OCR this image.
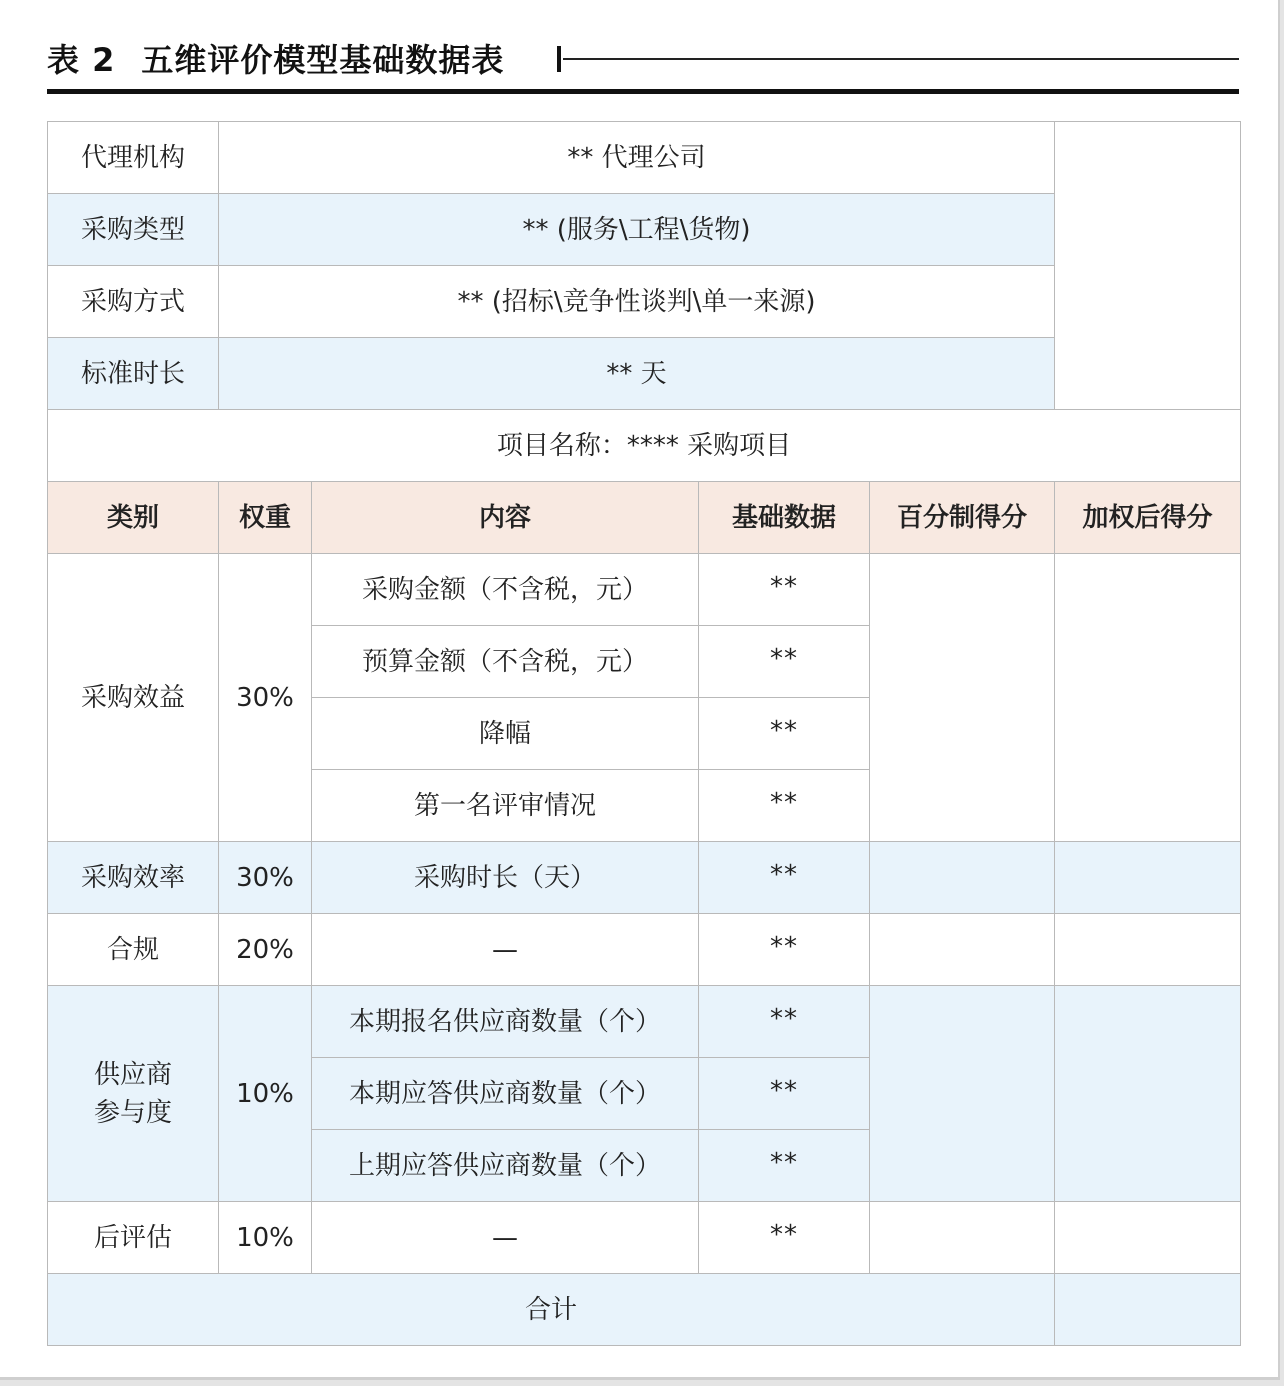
表 2 五维评价模型基础数据表
代理机构	** 代理公司				
采购类型	** (服务\工程\货物)				
采购方式	** (招标\竞争性谈判\单一来源)				
标准时长	** 天				
项目名称：**** 采购项目					
类别	权重	内容	基础数据	百分制得分	加权后得分
采购效益	30%	采购金额（不含税，元）	**		
		预算金额（不含税，元）	**		
		降幅	**		
		第一名评审情况	**		
采购效率	30%	采购时长（天）	**		
合规	20%	—	**		

供应商参与度	10%	本期报名供应商数量（个）	**		
		本期应答供应商数量（个）	**		
		上期应答供应商数量（个）	**		
后评估	10%	—	**		
合计					
